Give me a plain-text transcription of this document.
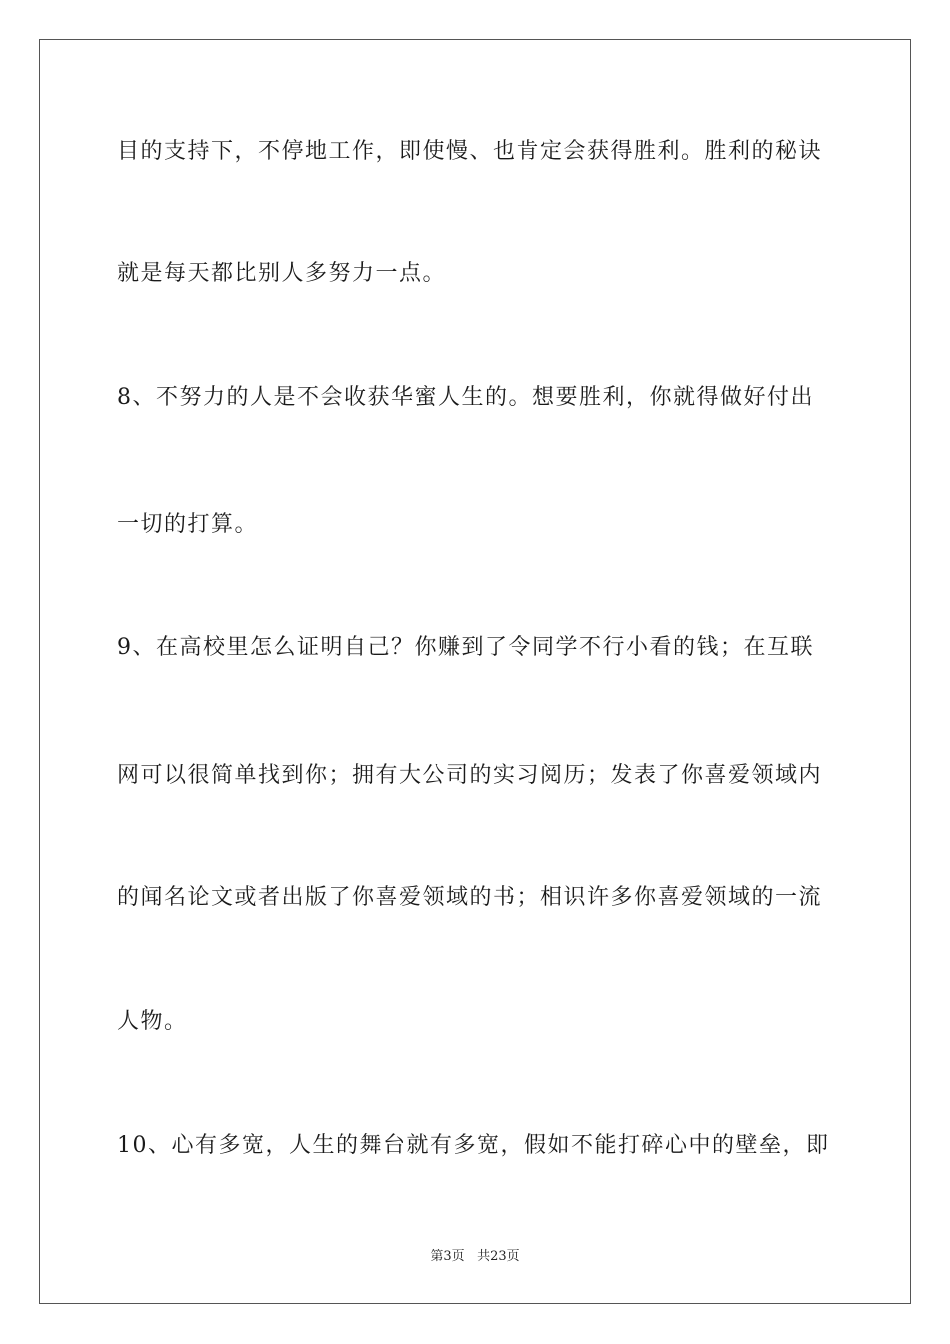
目的支持下，不停地工作，即使慢、也肯定会获得胜利。胜利的秘诀
就是每天都比别人多努力一点。
8、不努力的人是不会收获华蜜人生的。想要胜利，你就得做好付出
一切的打算。
9、在高校里怎么证明自己？你赚到了令同学不行小看的钱；在互联
网可以很简单找到你；拥有大公司的实习阅历；发表了你喜爱领域内
的闻名论文或者出版了你喜爱领域的书；相识许多你喜爱领域的一流
人物。
10、心有多宽，人生的舞台就有多宽，假如不能打碎心中的壁垒，即
第3页 共23页
